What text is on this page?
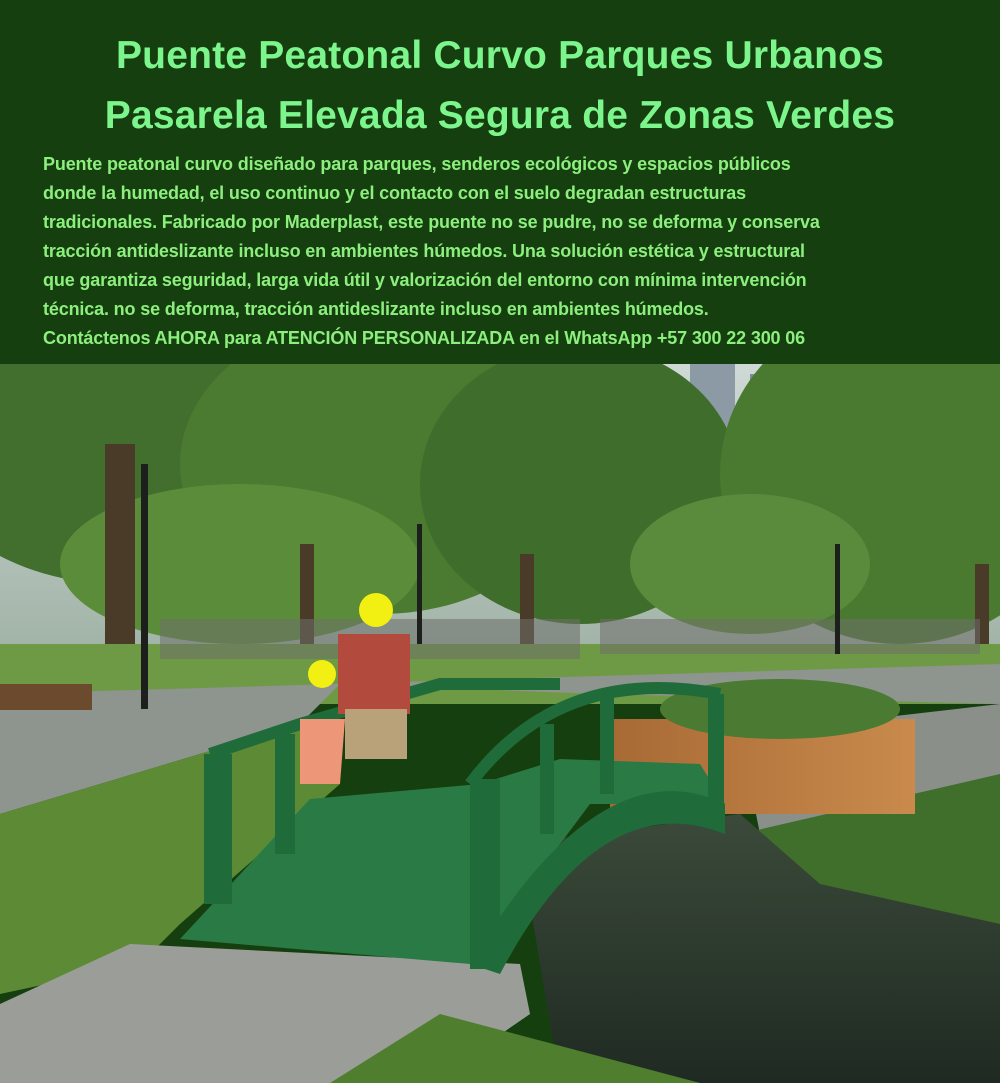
Puente Peatonal Curvo Parques Urbanos
Pasarela Elevada Segura de Zonas Verdes
Puente peatonal curvo diseñado para parques, senderos ecológicos y espacios públicos
donde la humedad, el uso continuo y el contacto con el suelo degradan estructuras
tradicionales. Fabricado por Maderplast, este puente no se pudre, no se deforma y conserva
tracción antideslizante incluso en ambientes húmedos. Una solución estética y estructural
que garantiza seguridad, larga vida útil y valorización del entorno con mínima intervención
técnica. no se deforma, tracción antideslizante incluso en ambientes húmedos.
Contáctenos AHORA para ATENCIÓN PERSONALIZADA en el WhatsApp +57 300 22 300 06
